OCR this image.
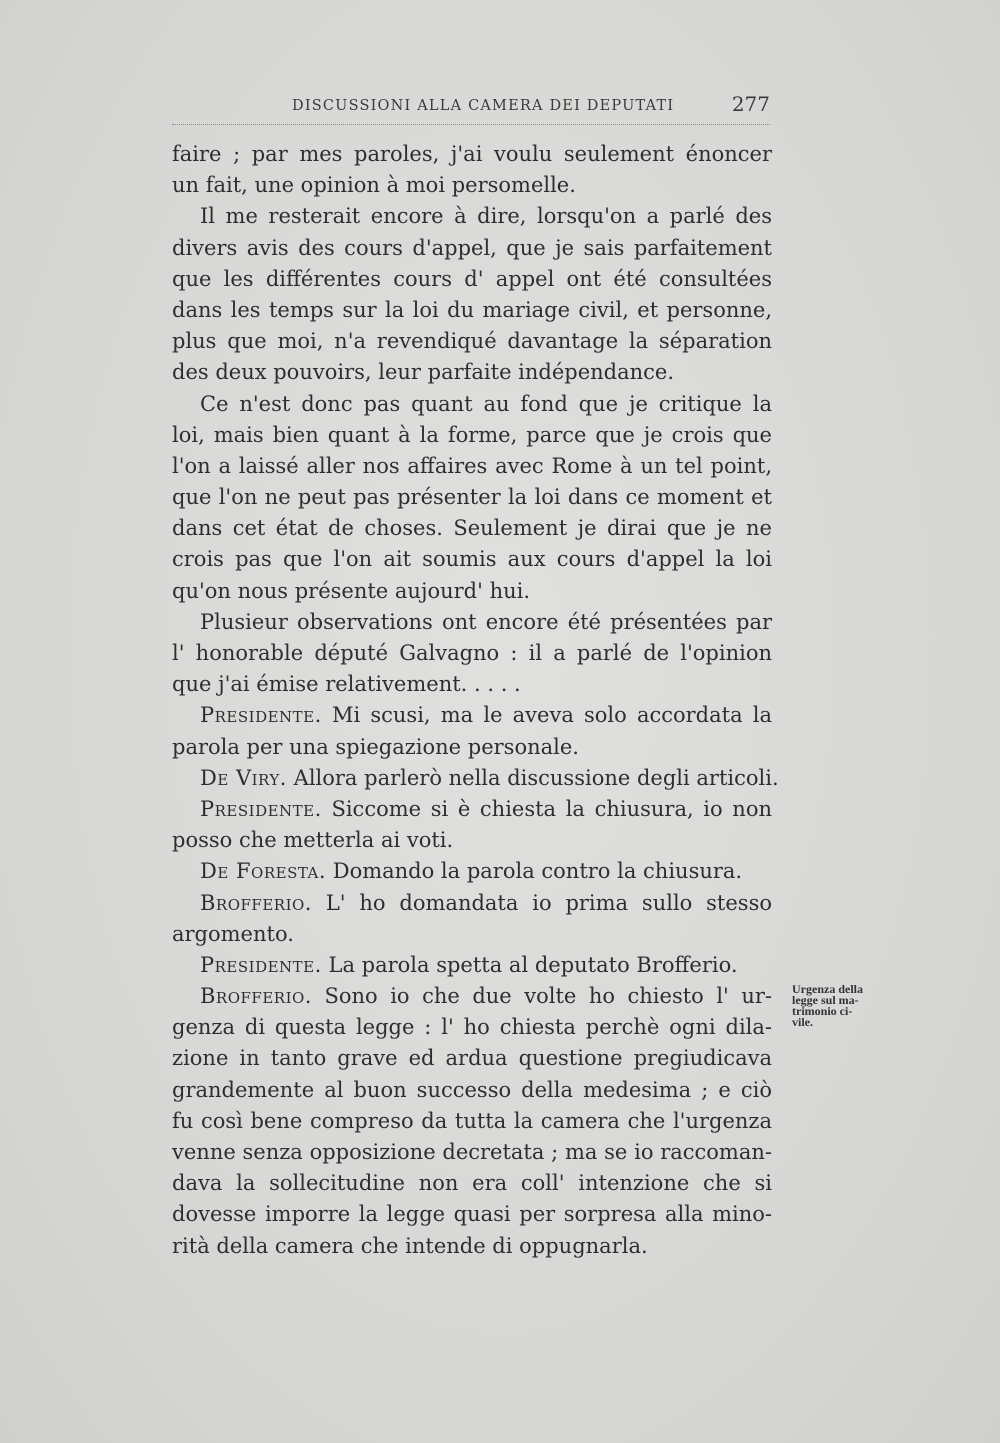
DISCUSSIONI ALLA CAMERA DEI DEPUTATI	277
faire ; par mes paroles, j'ai voulu seulement énoncer
un fait, une opinion à moi persomelle.
Il me resterait encore à dire, lorsqu'on a parlé des
divers avis des cours d'appel, que je sais parfaitement
que les différentes cours d' appel ont été consultées
dans les temps sur la loi du mariage civil, et personne,
plus que moi, n'a revendiqué davantage la séparation
des deux pouvoirs, leur parfaite indépendance.
Ce n'est donc pas quant au fond que je critique la
loi, mais bien quant à la forme, parce que je crois que
l'on a laissé aller nos affaires avec Rome à un tel point,
que l'on ne peut pas présenter la loi dans ce moment et
dans cet état de choses. Seulement je dirai que je ne
crois pas que l'on ait soumis aux cours d'appel la loi
qu'on nous présente aujourd' hui.
Plusieur observations ont encore été présentées par
l' honorable député Galvagno : il a parlé de l'opinion
que j'ai émise relativement. . . . .
Presidente. Mi scusi, ma le aveva solo accordata la
parola per una spiegazione personale.
De Viry. Allora parlerò nella discussione degli articoli.
Presidente. Siccome si è chiesta la chiusura, io non
posso che metterla ai voti.
De Foresta. Domando la parola contro la chiusura.
Brofferio. L' ho domandata io prima sullo stesso
argomento.
Presidente. La parola spetta al deputato Brofferio.
Brofferio. Sono io che due volte ho chiesto l' ur-
genza di questa legge : l' ho chiesta perchè ogni dila-
zione in tanto grave ed ardua questione pregiudicava
grandemente al buon successo della medesima ; e ciò
fu così bene compreso da tutta la camera che l'urgenza
venne senza opposizione decretata ; ma se io raccoman-
dava la sollecitudine non era coll' intenzione che si
dovesse imporre la legge quasi per sorpresa alla mino-
rità della camera che intende di oppugnarla.
Urgenza della
legge sul ma-
trimonio ci-
vile.
